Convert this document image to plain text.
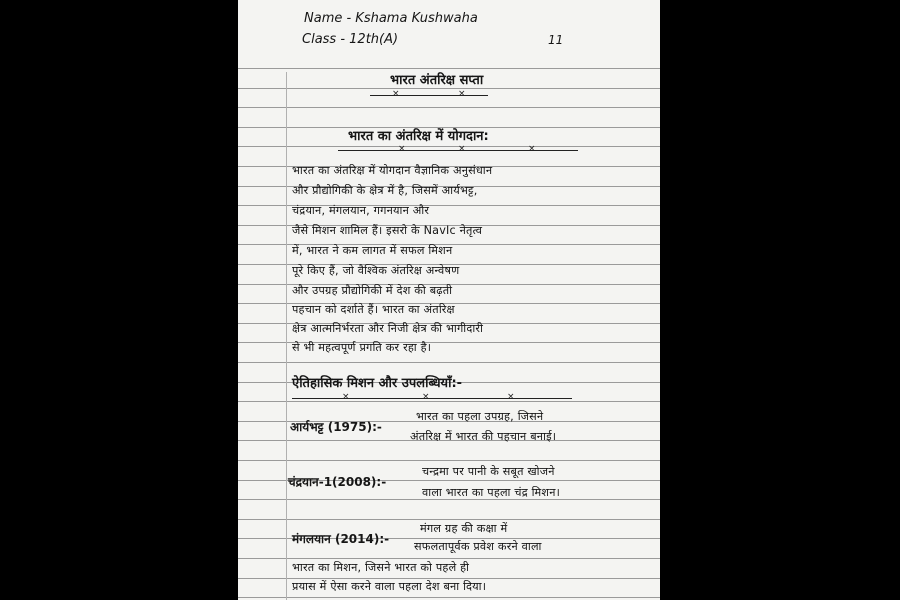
Name - Kshama Kushwaha
Class - 12th(A)	11
भारत अंतरिक्ष सप्ता
×	×
भारत का अंतरिक्ष में योगदान:
×	×	×
भारत का अंतरिक्ष में योगदान वैज्ञानिक अनुसंधान
और प्रौद्योगिकी के क्षेत्र में है, जिसमें आर्यभट्ट,
चंद्रयान, मंगलयान, गगनयान और
जैसे मिशन शामिल हैं। इसरो के NavIc नेतृत्व
में, भारत ने कम लागत में सफल मिशन
पूरे किए हैं, जो वैश्विक अंतरिक्ष अन्वेषण
और उपग्रह प्रौद्योगिकी में देश की बढ़ती
पहचान को दर्शाते हैं। भारत का अंतरिक्ष
क्षेत्र आत्मनिर्भरता और निजी क्षेत्र की भागीदारी
से भी महत्वपूर्ण प्रगति कर रहा है।
ऐतिहासिक मिशन और उपलब्धियाँ:-
×	×	×
आर्यभट्ट (1975):-
भारत का पहला उपग्रह, जिसने
अंतरिक्ष में भारत की पहचान बनाई।
चंद्रयान-1(2008):-
चन्द्रमा पर पानी के सबूत खोजने
वाला भारत का पहला चंद्र मिशन।
मंगलयान (2014):-
मंगल ग्रह की कक्षा में
सफलतापूर्वक प्रवेश करने वाला
भारत का मिशन, जिसने भारत को पहले ही
प्रयास में ऐसा करने वाला पहला देश बना दिया।
